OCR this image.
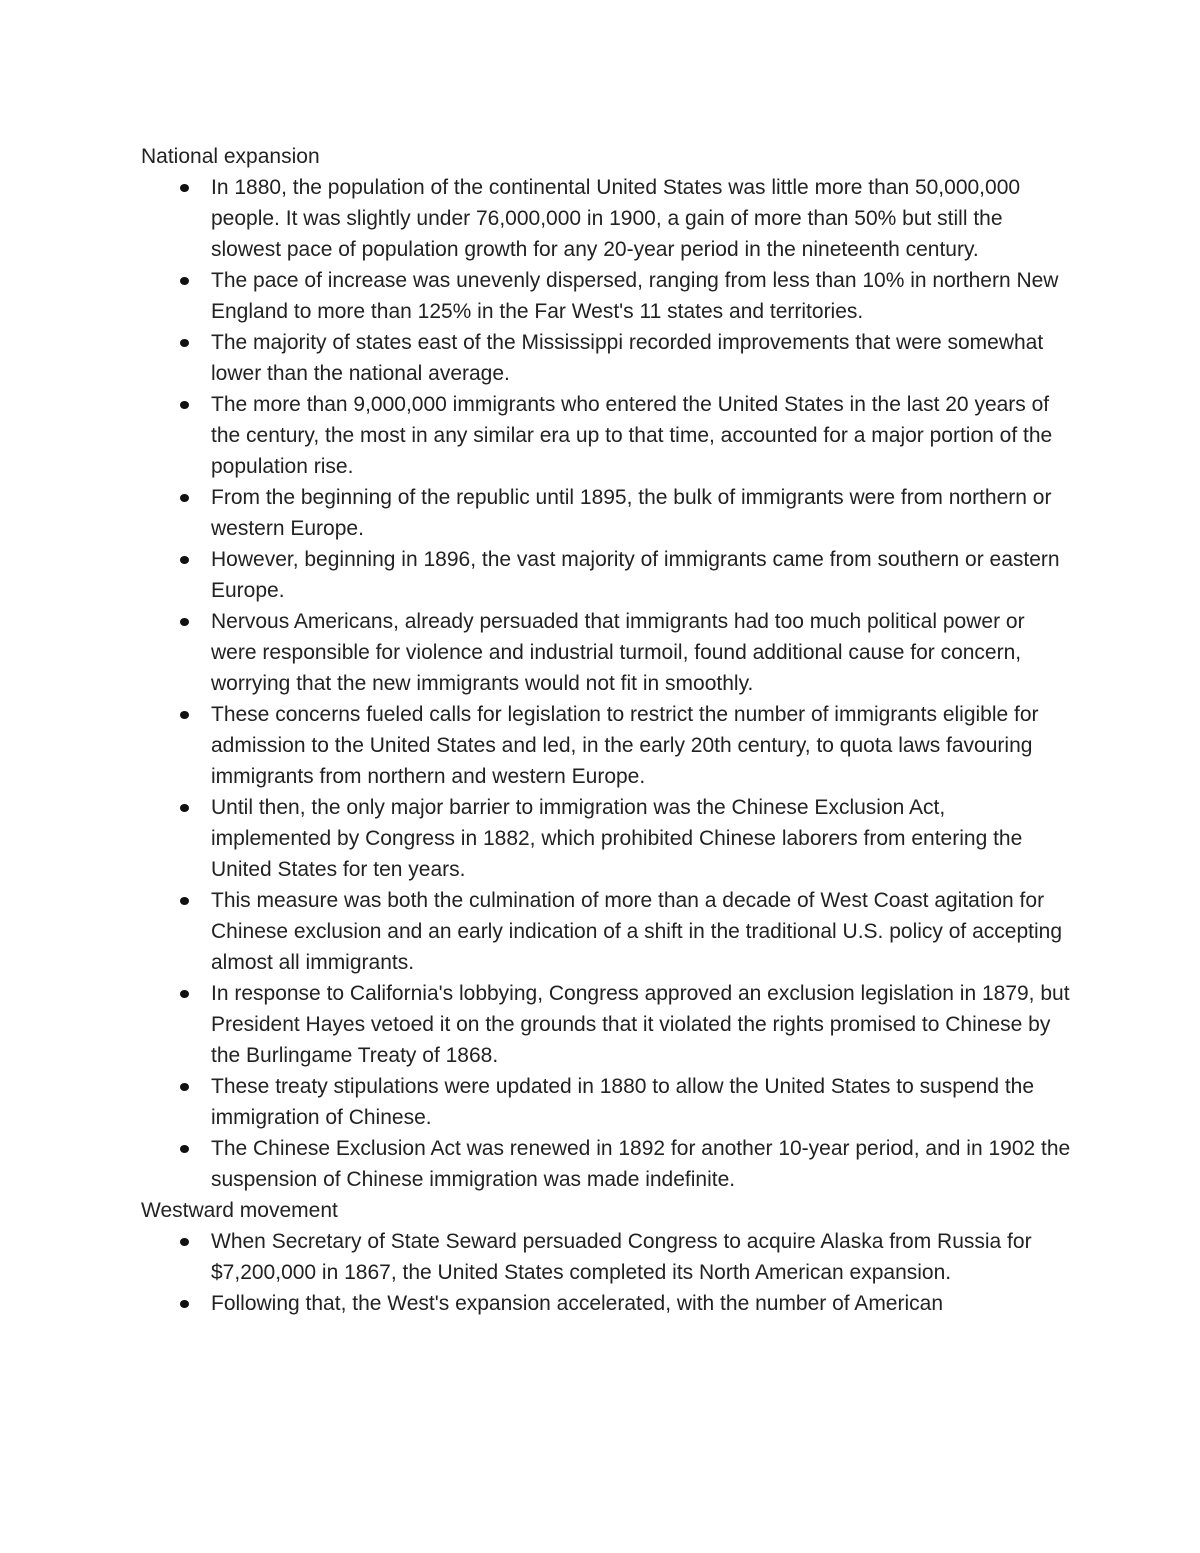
National expansion

In 1880, the population of the continental United States was little more than 50,000,000 people. It was slightly under 76,000,000 in 1900, a gain of more than 50% but still the slowest pace of population growth for any 20-year period in the nineteenth century.
The pace of increase was unevenly dispersed, ranging from less than 10% in northern New England to more than 125% in the Far West's 11 states and territories.
The majority of states east of the Mississippi recorded improvements that were somewhat lower than the national average.
The more than 9,000,000 immigrants who entered the United States in the last 20 years of the century, the most in any similar era up to that time, accounted for a major portion of the population rise.
From the beginning of the republic until 1895, the bulk of immigrants were from northern or western Europe.
However, beginning in 1896, the vast majority of immigrants came from southern or eastern Europe.
Nervous Americans, already persuaded that immigrants had too much political power or were responsible for violence and industrial turmoil, found additional cause for concern, worrying that the new immigrants would not fit in smoothly.
These concerns fueled calls for legislation to restrict the number of immigrants eligible for admission to the United States and led, in the early 20th century, to quota laws favouring immigrants from northern and western Europe.
Until then, the only major barrier to immigration was the Chinese Exclusion Act, implemented by Congress in 1882, which prohibited Chinese laborers from entering the United States for ten years.
This measure was both the culmination of more than a decade of West Coast agitation for Chinese exclusion and an early indication of a shift in the traditional U.S. policy of accepting almost all immigrants.
In response to California's lobbying, Congress approved an exclusion legislation in 1879, but President Hayes vetoed it on the grounds that it violated the rights promised to Chinese by the Burlingame Treaty of 1868.
These treaty stipulations were updated in 1880 to allow the United States to suspend the immigration of Chinese.
The Chinese Exclusion Act was renewed in 1892 for another 10-year period, and in 1902 the suspension of Chinese immigration was made indefinite.

Westward movement

When Secretary of State Seward persuaded Congress to acquire Alaska from Russia for $7,200,000 in 1867, the United States completed its North American expansion.
Following that, the West's expansion accelerated, with the number of American
